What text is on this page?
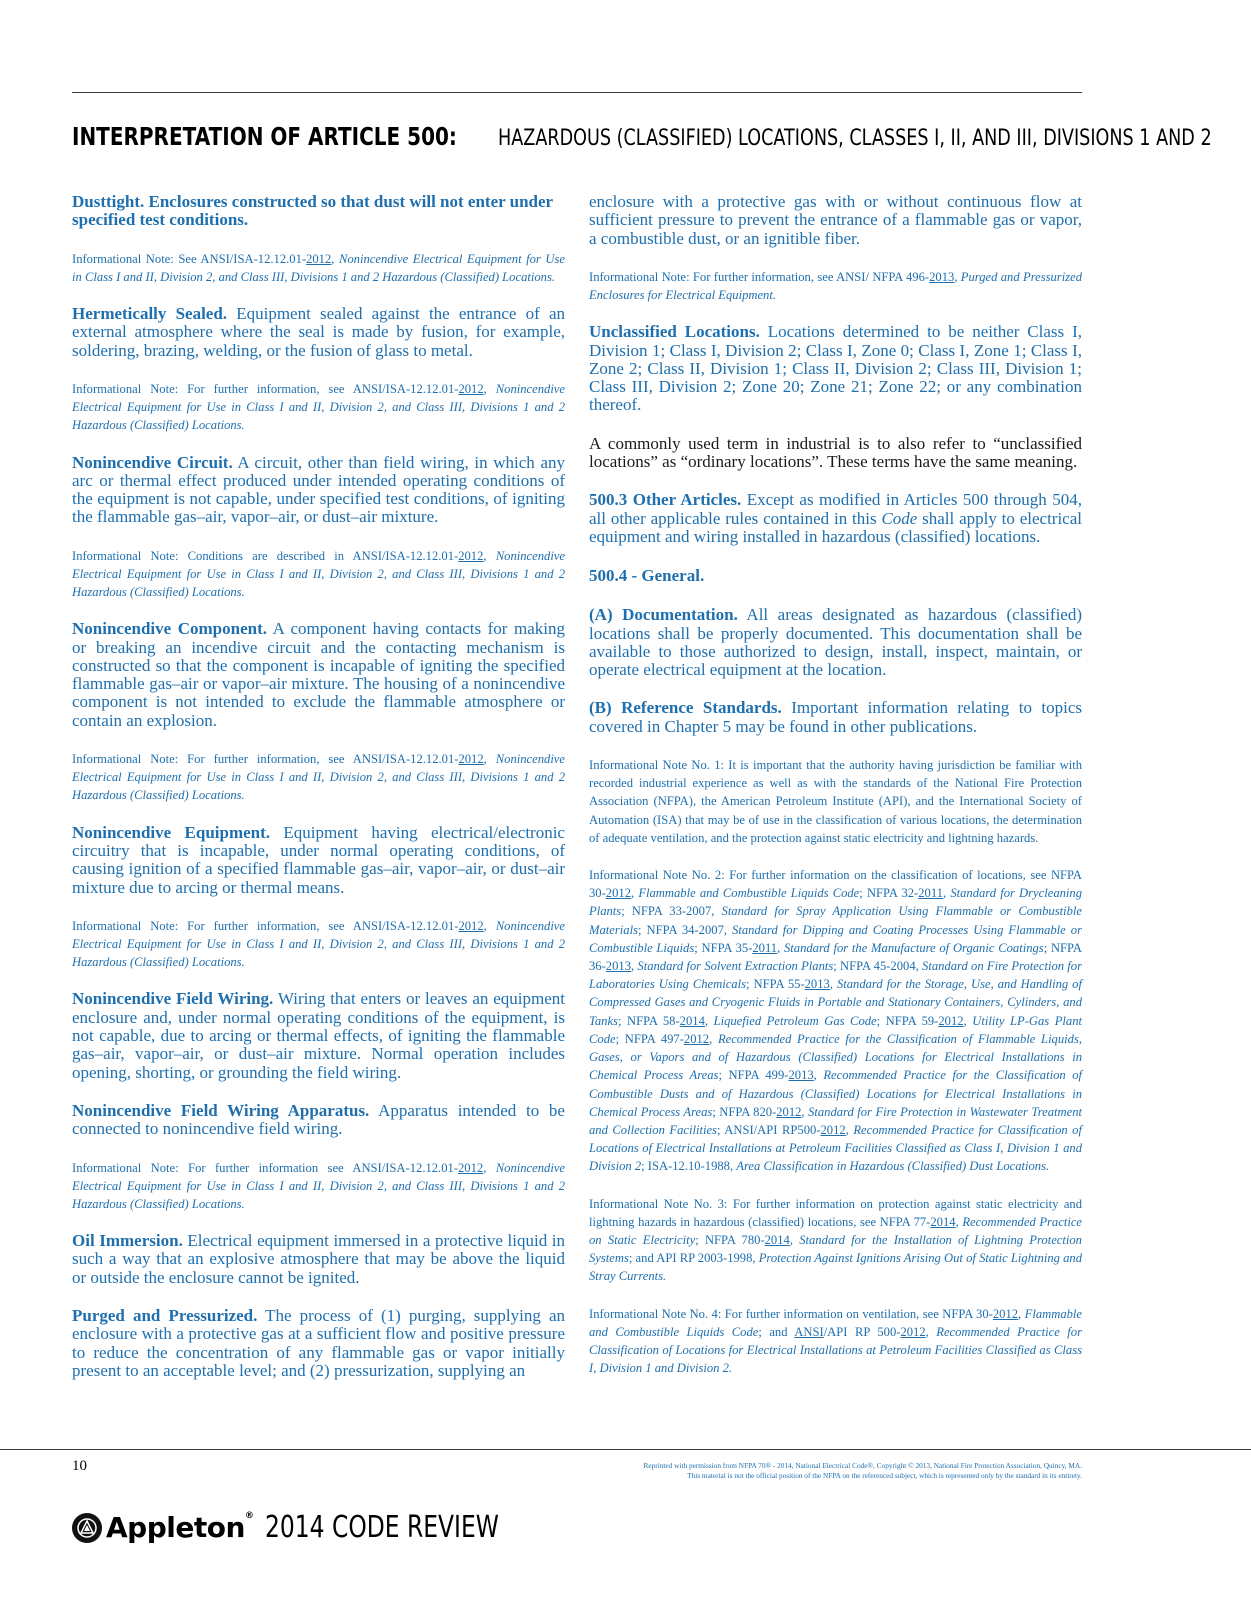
INTERPRETATION OF ARTICLE 500: HAZARDOUS (CLASSIFIED) LOCATIONS, CLASSES I, II, AND III, DIVISIONS 1 AND 2

Dusttight. Enclosures constructed so that dust will not enter under specified test conditions.

Informational Note: See ANSI/ISA-12.12.01-2012, Nonincendive Electrical Equipment for Use in Class I and II, Division 2, and Class III, Divisions 1 and 2 Hazardous (Classified) Locations.

Hermetically Sealed. Equipment sealed against the entrance of an external atmosphere where the seal is made by fusion, for example, soldering, brazing, welding, or the fusion of glass to metal.

Informational Note: For further information, see ANSI/ISA-12.12.01-2012, Nonincendive Electrical Equipment for Use in Class I and II, Division 2, and Class III, Divisions 1 and 2 Hazardous (Classified) Locations.

Nonincendive Circuit. A circuit, other than field wiring, in which any arc or thermal effect produced under intended operating conditions of the equipment is not capable, under specified test conditions, of igniting the flammable gas–air, vapor–air, or dust–air mixture.

Informational Note: Conditions are described in ANSI/ISA-12.12.01-2012, Nonincendive Electrical Equipment for Use in Class I and II, Division 2, and Class III, Divisions 1 and 2 Hazardous (Classified) Locations.

Nonincendive Component. A component having contacts for making or breaking an incendive circuit and the contacting mechanism is constructed so that the component is incapable of igniting the specified flammable gas–air or vapor–air mixture. The housing of a nonincendive component is not intended to exclude the flammable atmosphere or contain an explosion.

Informational Note: For further information, see ANSI/ISA-12.12.01-2012, Nonincendive Electrical Equipment for Use in Class I and II, Division 2, and Class III, Divisions 1 and 2 Hazardous (Classified) Locations.

Nonincendive Equipment. Equipment having electrical/electronic circuitry that is incapable, under normal operating conditions, of causing ignition of a specified flammable gas–air, vapor–air, or dust–air mixture due to arcing or thermal means.

Informational Note: For further information, see ANSI/ISA-12.12.01-2012, Nonincendive Electrical Equipment for Use in Class I and II, Division 2, and Class III, Divisions 1 and 2 Hazardous (Classified) Locations.

Nonincendive Field Wiring. Wiring that enters or leaves an equipment enclosure and, under normal operating conditions of the equipment, is not capable, due to arcing or thermal effects, of igniting the flammable gas–air, vapor–air, or dust–air mixture. Normal operation includes opening, shorting, or grounding the field wiring.

Nonincendive Field Wiring Apparatus. Apparatus intended to be connected to nonincendive field wiring.

Informational Note: For further information see ANSI/ISA-12.12.01-2012, Nonincendive Electrical Equipment for Use in Class I and II, Division 2, and Class III, Divisions 1 and 2 Hazardous (Classified) Locations.

Oil Immersion. Electrical equipment immersed in a protective liquid in such a way that an explosive atmosphere that may be above the liquid or outside the enclosure cannot be ignited.

Purged and Pressurized. The process of (1) purging, supplying an enclosure with a protective gas at a sufficient flow and positive pressure to reduce the concentration of any flammable gas or vapor initially present to an acceptable level; and (2) pressurization, supplying an

enclosure with a protective gas with or without continuous flow at sufficient pressure to prevent the entrance of a flammable gas or vapor, a combustible dust, or an ignitible fiber.

Informational Note: For further information, see ANSI/ NFPA 496-2013, Purged and Pressurized Enclosures for Electrical Equipment.

Unclassified Locations. Locations determined to be neither Class I, Division 1; Class I, Division 2; Class I, Zone 0; Class I, Zone 1; Class I, Zone 2; Class II, Division 1; Class II, Division 2; Class III, Division 1; Class III, Division 2; Zone 20; Zone 21; Zone 22; or any combination thereof.

A commonly used term in industrial is to also refer to “unclassified locations” as “ordinary locations”. These terms have the same meaning.

500.3 Other Articles. Except as modified in Articles 500 through 504, all other applicable rules contained in this Code shall apply to electrical equipment and wiring installed in hazardous (classified) locations.

500.4 - General.

(A) Documentation. All areas designated as hazardous (classified) locations shall be properly documented. This documentation shall be available to those authorized to design, install, inspect, maintain, or operate electrical equipment at the location.

(B) Reference Standards. Important information relating to topics covered in Chapter 5 may be found in other publications.

Informational Note No. 1: It is important that the authority having jurisdiction be familiar with recorded industrial experience as well as with the standards of the National Fire Protection Association (NFPA), the American Petroleum Institute (API), and the International Society of Automation (ISA) that may be of use in the classification of various locations, the determination of adequate ventilation, and the protection against static electricity and lightning hazards.

Informational Note No. 2: For further information on the classification of locations, see NFPA 30-2012, Flammable and Combustible Liquids Code; NFPA 32-2011, Standard for Drycleaning Plants; NFPA 33-2007, Standard for Spray Application Using Flammable or Combustible Materials; NFPA 34-2007, Standard for Dipping and Coating Processes Using Flammable or Combustible Liquids; NFPA 35-2011, Standard for the Manufacture of Organic Coatings; NFPA 36-2013, Standard for Solvent Extraction Plants; NFPA 45-2004, Standard on Fire Protection for Laboratories Using Chemicals; NFPA 55-2013, Standard for the Storage, Use, and Handling of Compressed Gases and Cryogenic Fluids in Portable and Stationary Containers, Cylinders, and Tanks; NFPA 58-2014, Liquefied Petroleum Gas Code; NFPA 59-2012, Utility LP-Gas Plant Code; NFPA 497-2012, Recommended Practice for the Classification of Flammable Liquids, Gases, or Vapors and of Hazardous (Classified) Locations for Electrical Installations in Chemical Process Areas; NFPA 499-2013, Recommended Practice for the Classification of Combustible Dusts and of Hazardous (Classified) Locations for Electrical Installations in Chemical Process Areas; NFPA 820-2012, Standard for Fire Protection in Wastewater Treatment and Collection Facilities; ANSI/API RP500-2012, Recommended Practice for Classification of Locations of Electrical Installations at Petroleum Facilities Classified as Class I, Division 1 and Division 2; ISA-12.10-1988, Area Classification in Hazardous (Classified) Dust Locations.

Informational Note No. 3: For further information on protection against static electricity and lightning hazards in hazardous (classified) locations, see NFPA 77-2014, Recommended Practice on Static Electricity; NFPA 780-2014, Standard for the Installation of Lightning Protection Systems; and API RP 2003-1998, Protection Against Ignitions Arising Out of Static Lightning and Stray Currents.

Informational Note No. 4: For further information on ventilation, see NFPA 30-2012, Flammable and Combustible Liquids Code; and ANSI/API RP 500-2012, Recommended Practice for Classification of Locations for Electrical Installations at Petroleum Facilities Classified as Class I, Division 1 and Division 2.

10	Reprinted with permission from NFPA 70® - 2014, National Electrical Code®, Copyright © 2013, National Fire Protection Association, Quincy, MA.
This material is not the official position of the NFPA on the referenced subject, which is represented only by the standard in its entirety.
Appleton® 2014 CODE REVIEW
